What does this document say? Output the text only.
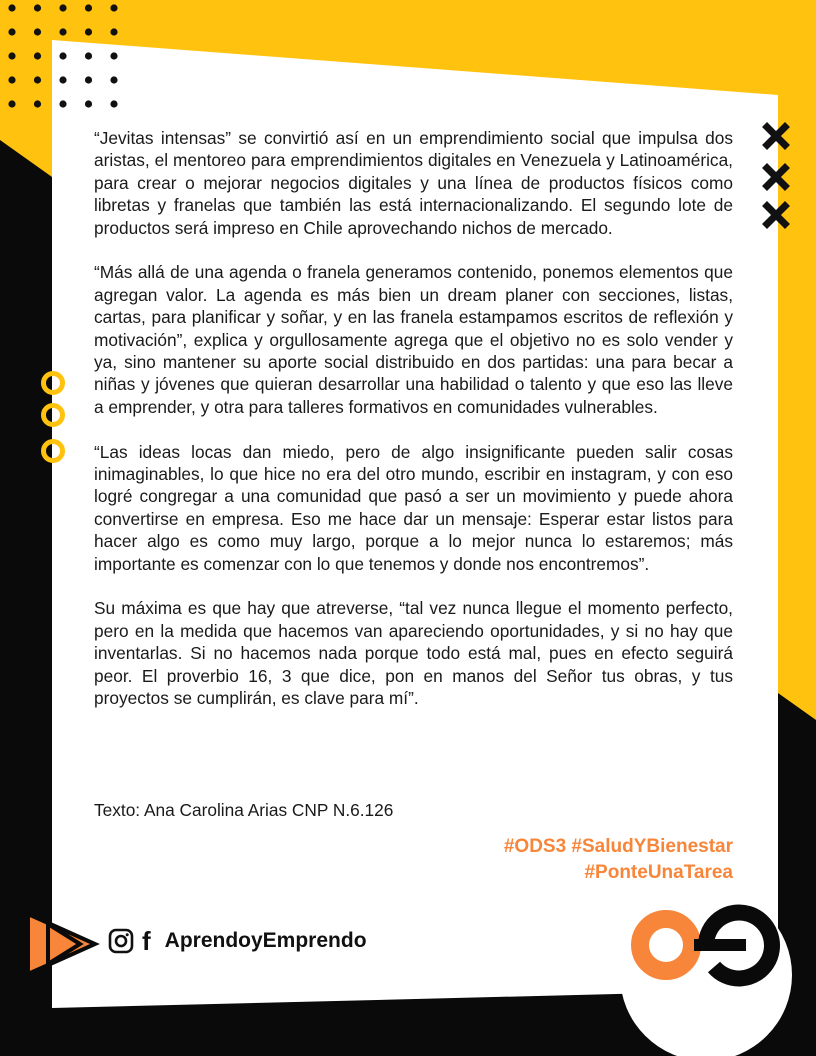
“Jevitas intensas” se convirtió así en un emprendimiento social que impulsa dos aristas, el mentoreo para emprendimientos digitales en Venezuela y Latinoamérica, para crear o mejorar negocios digitales y una línea de productos físicos como libretas y franelas que también las está internacionalizando. El segundo lote de productos será impreso en Chile aprovechando nichos de mercado.

“Más allá de una agenda o franela generamos contenido, ponemos elementos que agregan valor. La agenda es más bien un dream planer con secciones, listas, cartas, para planificar y soñar, y en las franela estampamos escritos de reflexión y motivación”, explica y orgullosamente agrega que el objetivo no es solo vender y ya, sino mantener su aporte social distribuido en dos partidas: una para becar a niñas y jóvenes que quieran desarrollar una habilidad o talento y que eso las lleve a emprender, y otra para talleres formativos en comunidades vulnerables.

“Las ideas locas dan miedo, pero de algo insignificante pueden salir cosas inimaginables, lo que hice no era del otro mundo, escribir en instagram, y con eso logré congregar a una comunidad que pasó a ser un movimiento y puede ahora convertirse en empresa. Eso me hace dar un mensaje: Esperar estar listos para hacer algo es como muy largo, porque a lo mejor nunca lo estaremos; más importante es comenzar con lo que tenemos y donde nos encontremos”.

Su máxima es que hay que atreverse, “tal vez nunca llegue el momento perfecto, pero en la medida que hacemos van apareciendo oportunidades, y si no hay que inventarlas. Si no hacemos nada porque todo está mal, pues en efecto seguirá peor. El proverbio 16, 3 que dice, pon en manos del Señor tus obras, y tus proyectos se cumplirán, es clave para mí”.

Texto: Ana Carolina Arias CNP N.6.126
#ODS3 #SaludYBienestar
#PonteUnaTarea
f AprendoyEmprendo
